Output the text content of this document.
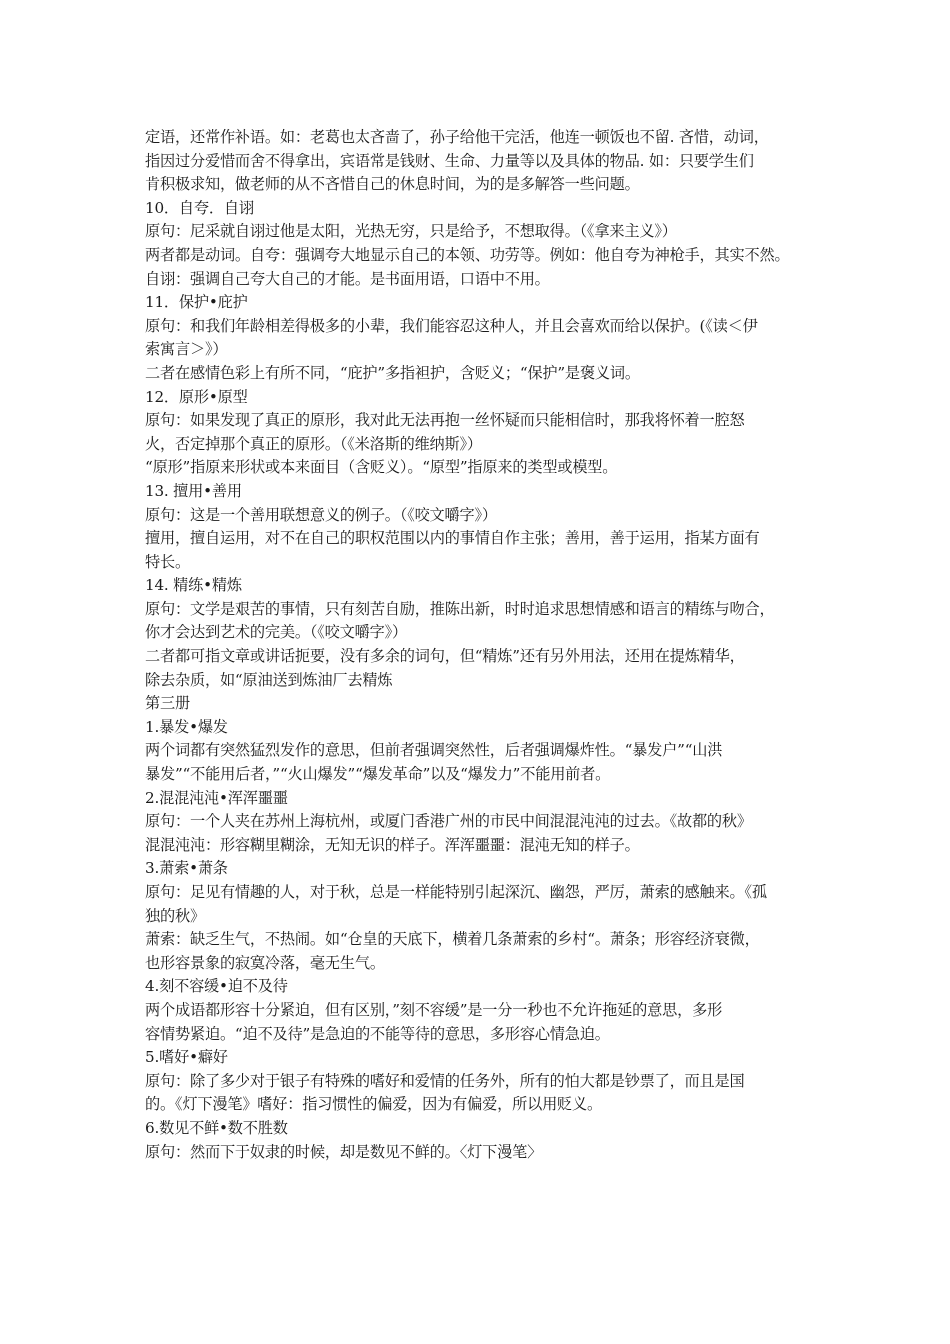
定语，还常作补语。如：老葛也太吝啬了，孙子给他干完活，他连一顿饭也不留. 吝惜，动词，
指因过分爱惜而舍不得拿出，宾语常是钱财、生命、力量等以及具体的物品. 如：只要学生们
肯积极求知，做老师的从不吝惜自己的休息时间，为的是多解答一些问题。
10．自夸．自诩
原句：尼采就自诩过他是太阳，光热无穷，只是给予，不想取得。（《拿来主义》）
两者都是动词。自夸：强调夸大地显示自己的本领、功劳等。例如：他自夸为神枪手，其实不然。
自诩：强调自己夸大自己的才能。是书面用语，口语中不用。
11．保护•庇护
原句：和我们年龄相差得极多的小辈，我们能容忍这种人，并且会喜欢而给以保护。(《读＜伊
索寓言＞》）
二者在感情色彩上有所不同，“庇护”多指袒护，含贬义；“保护”是褒义词。
12．原形•原型
原句：如果发现了真正的原形，我对此无法再抱一丝怀疑而只能相信时，那我将怀着一腔怒
火，否定掉那个真正的原形。（《米洛斯的维纳斯》）
“原形”指原来形状或本来面目（含贬义）。“原型”指原来的类型或模型。
13. 擅用•善用
原句：这是一个善用联想意义的例子。（《咬文嚼字》）
擅用，擅自运用，对不在自己的职权范围以内的事情自作主张；善用，善于运用，指某方面有
特长。
14. 精练•精炼
原句：文学是艰苦的事情，只有刻苦自励，推陈出新，时时追求思想情感和语言的精练与吻合，
你才会达到艺术的完美。（《咬文嚼字》）
二者都可指文章或讲话扼要，没有多余的词句，但“精炼”还有另外用法，还用在提炼精华，
除去杂质，如“原油送到炼油厂去精炼
第三册
1.暴发•爆发
两个词都有突然猛烈发作的意思，但前者强调突然性，后者强调爆炸性。“暴发户”“山洪
暴发”“不能用后者，”“火山爆发”“爆发革命”以及“爆发力”不能用前者。
2.混混沌沌•浑浑噩噩
原句：一个人夹在苏州上海杭州，或厦门香港广州的市民中间混混沌沌的过去。《故都的秋》
混混沌沌：形容糊里糊涂，无知无识的样子。浑浑噩噩：混沌无知的样子。
3.萧索•萧条
原句：足见有情趣的人，对于秋，总是一样能特别引起深沉、幽怨，严厉，萧索的感触来。《孤
独的秋》
萧索：缺乏生气，不热闹。如“仓皇的天底下，横着几条萧索的乡村“。萧条；形容经济衰微，
也形容景象的寂寞冷落，毫无生气。
4.刻不容缓•迫不及待
两个成语都形容十分紧迫，但有区别，”刻不容缓”是一分一秒也不允许拖延的意思，多形
容情势紧迫。“迫不及待”是急迫的不能等待的意思，多形容心情急迫。
5.嗜好•癖好
原句：除了多少对于银子有特殊的嗜好和爱情的任务外，所有的怕大都是钞票了，而且是国
的。《灯下漫笔》嗜好：指习惯性的偏爱，因为有偏爱，所以用贬义。
6.数见不鲜•数不胜数
原句：然而下于奴隶的时候，却是数见不鲜的。〈灯下漫笔〉
